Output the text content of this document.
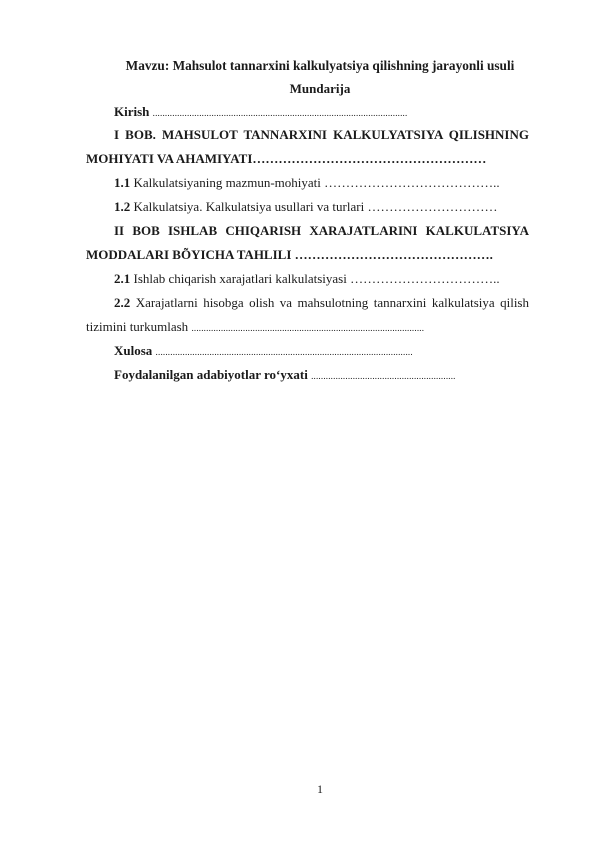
Mavzu: Mahsulot tannarxini kalkulyatsiya qilishning jarayonli usuli
Mundarija
Kirish ........................................................................................................
I BOB. MAHSULOT TANNARXINI KALKULYATSIYA QILISHNING
MOHIYATI VA AHAMIYATI………………………………………………
1.1 Kalkulatsiyaning mazmun-mohiyati …………………………………..
1.2 Kalkulatsiya. Kalkulatsiya usullari va turlari …………………………
II BOB ISHLAB CHIQARISH XARAJATLARINI KALKULATSIYA
MODDALARI BÕYICHA TAHLILI ……………………………………….
2.1 Ishlab chiqarish xarajatlari kalkulatsiyasi ……………………………..
2.2 Xarajatlarni hisobga olish va mahsulotning tannarxini kalkulatsiya qilish
tizimini turkumlash ...............................................................................................
Xulosa .........................................................................................................
Foydalanilgan adabiyotlar ro‘yxati ...........................................................
1
